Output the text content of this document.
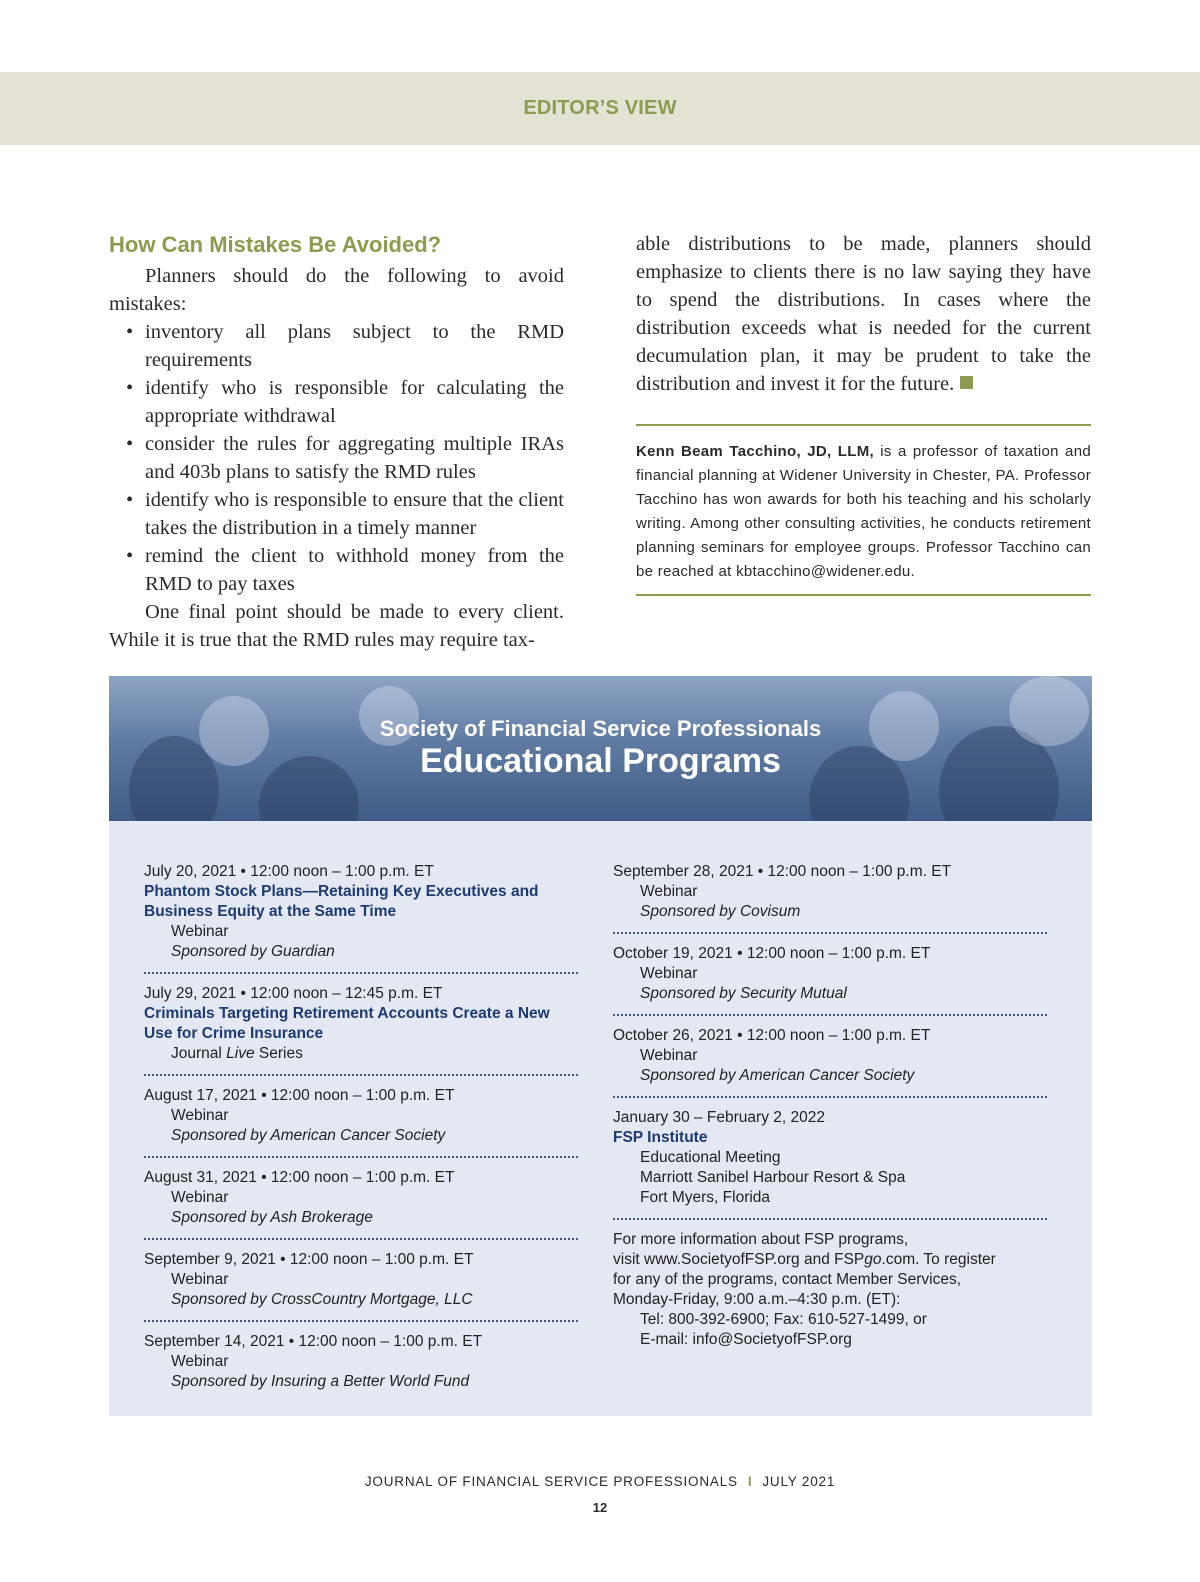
EDITOR’S VIEW
How Can Mistakes Be Avoided?

Planners should do the following to avoid mistakes:

• inventory all plans subject to the RMD requirements
• identify who is responsible for calculating the appropriate withdrawal
• consider the rules for aggregating multiple IRAs and 403b plans to satisfy the RMD rules
• identify who is responsible to ensure that the client takes the distribution in a timely manner
• remind the client to withhold money from the RMD to pay taxes

One final point should be made to every client. While it is true that the RMD rules may require tax-

able distributions to be made, planners should emphasize to clients there is no law saying they have to spend the distributions. In cases where the distribution exceeds what is needed for the current decumulation plan, it may be prudent to take the distribution and invest it for the future.

Kenn Beam Tacchino, JD, LLM, is a professor of taxation and financial planning at Widener University in Chester, PA. Professor Tacchino has won awards for both his teaching and his scholarly writing. Among other consulting activities, he conducts retirement planning seminars for employee groups. Professor Tacchino can be reached at kbtacchino@widener.edu.

Society of Financial Service Professionals
Educational Programs
July 20, 2021 • 12:00 noon – 1:00 p.m. ET
Phantom Stock Plans—Retaining Key Executives and Business Equity at the Same Time
Webinar
Sponsored by Guardian
July 29, 2021 • 12:00 noon – 12:45 p.m. ET
Criminals Targeting Retirement Accounts Create a New Use for Crime Insurance
Journal Live Series
August 17, 2021 • 12:00 noon – 1:00 p.m. ET
Webinar
Sponsored by American Cancer Society
August 31, 2021 • 12:00 noon – 1:00 p.m. ET
Webinar
Sponsored by Ash Brokerage
September 9, 2021 • 12:00 noon – 1:00 p.m. ET
Webinar
Sponsored by CrossCountry Mortgage, LLC
September 14, 2021 • 12:00 noon – 1:00 p.m. ET
Webinar
Sponsored by Insuring a Better World Fund
September 28, 2021 • 12:00 noon – 1:00 p.m. ET
Webinar
Sponsored by Covisum
October 19, 2021 • 12:00 noon – 1:00 p.m. ET
Webinar
Sponsored by Security Mutual
October 26, 2021 • 12:00 noon – 1:00 p.m. ET
Webinar
Sponsored by American Cancer Society
January 30 – February 2, 2022
FSP Institute
Educational Meeting
Marriott Sanibel Harbour Resort & Spa
Fort Myers, Florida
For more information about FSP programs,
visit www.SocietyofFSP.org and FSPgo.com. To register
for any of the programs, contact Member Services,
Monday-Friday, 9:00 a.m.–4:30 p.m. (ET):
Tel: 800-392-6900; Fax: 610-527-1499, or
E-mail: info@SocietyofFSP.org
JOURNAL OF FINANCIAL SERVICE PROFESSIONALS I JULY 2021
12
